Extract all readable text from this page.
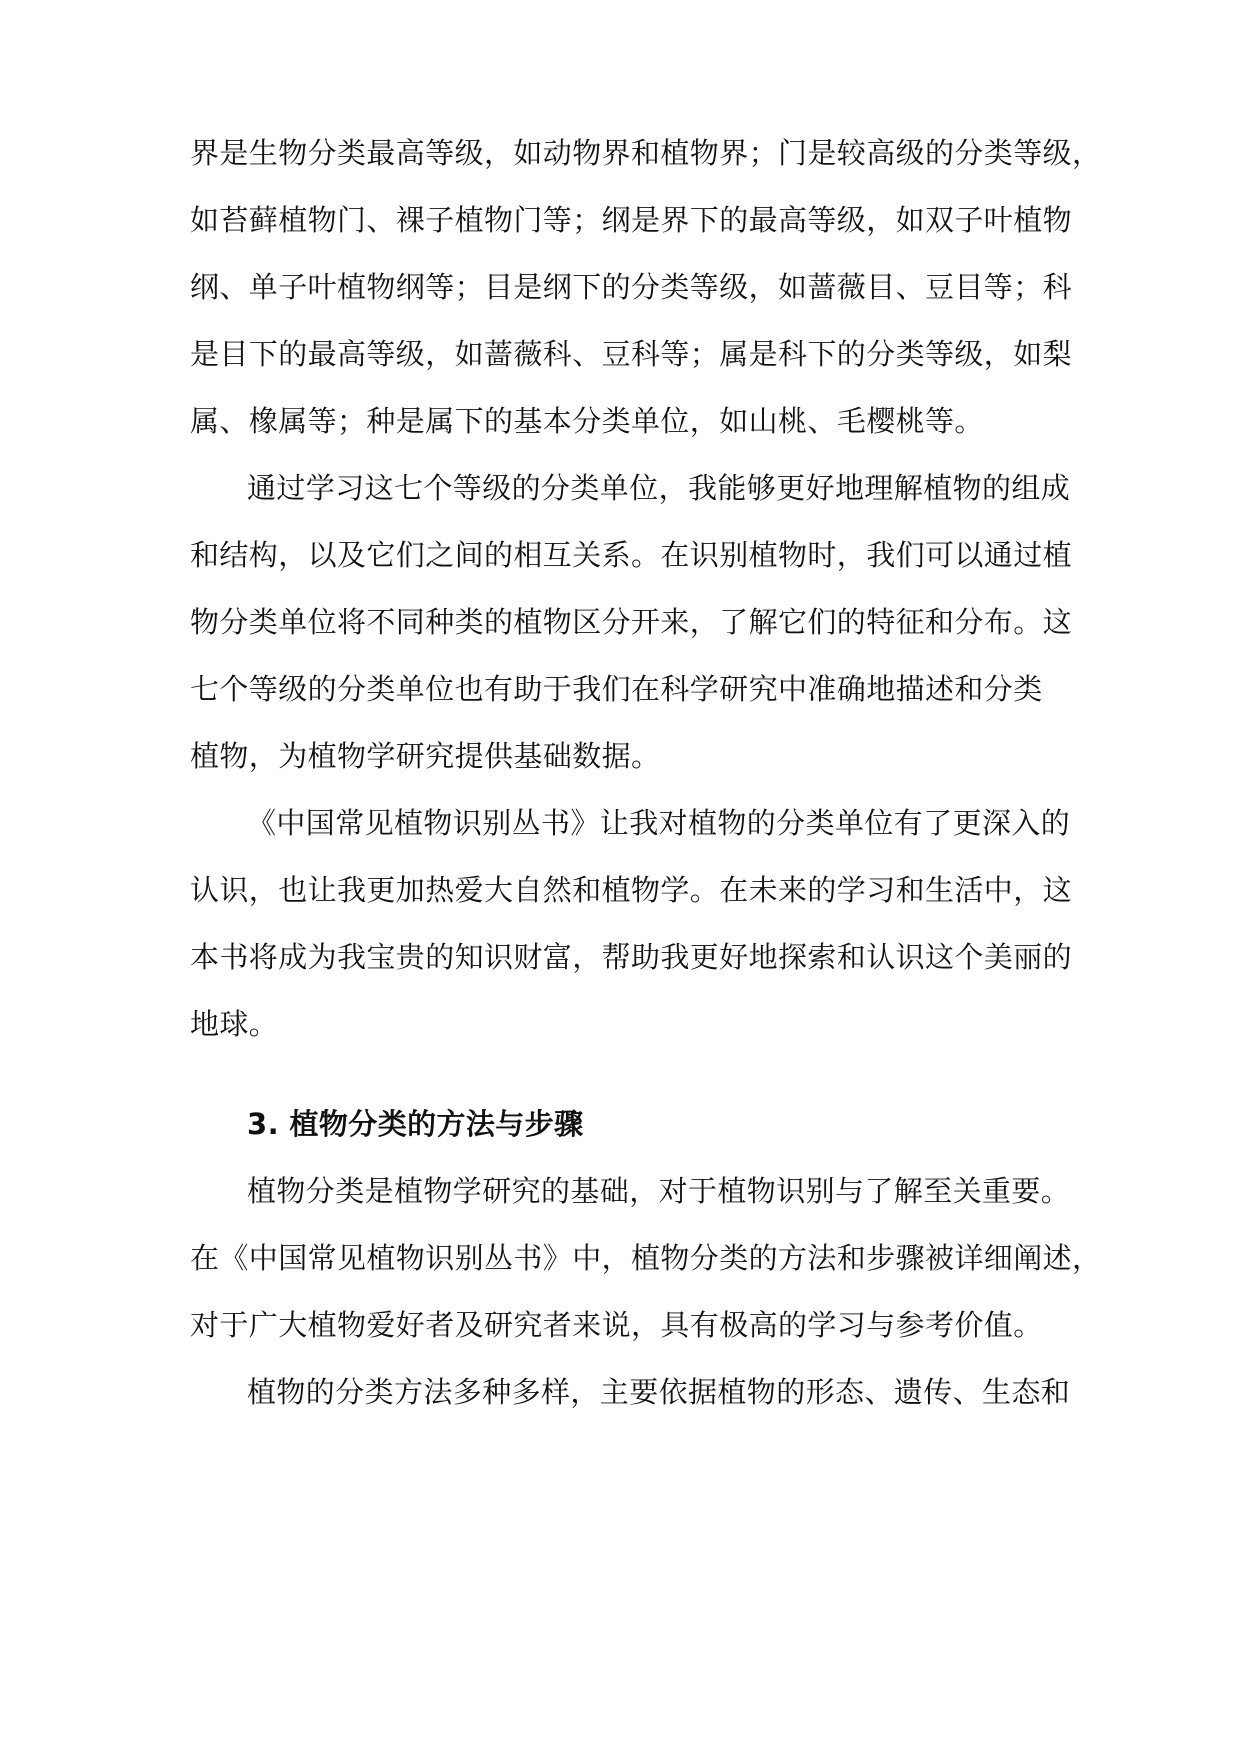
界是生物分类最高等级，如动物界和植物界；门是较高级的分类等级，
如苔藓植物门、裸子植物门等；纲是界下的最高等级，如双子叶植物
纲、单子叶植物纲等；目是纲下的分类等级，如蔷薇目、豆目等；科
是目下的最高等级，如蔷薇科、豆科等；属是科下的分类等级，如梨
属、橡属等；种是属下的基本分类单位，如山桃、毛樱桃等。
通过学习这七个等级的分类单位，我能够更好地理解植物的组成
和结构，以及它们之间的相互关系。在识别植物时，我们可以通过植
物分类单位将不同种类的植物区分开来，了解它们的特征和分布。这
七个等级的分类单位也有助于我们在科学研究中准确地描述和分类
植物，为植物学研究提供基础数据。
《中国常见植物识别丛书》让我对植物的分类单位有了更深入的
认识，也让我更加热爱大自然和植物学。在未来的学习和生活中，这
本书将成为我宝贵的知识财富，帮助我更好地探索和认识这个美丽的
地球。
3. 植物分类的方法与步骤
植物分类是植物学研究的基础，对于植物识别与了解至关重要。
在《中国常见植物识别丛书》中，植物分类的方法和步骤被详细阐述，
对于广大植物爱好者及研究者来说，具有极高的学习与参考价值。
植物的分类方法多种多样，主要依据植物的形态、遗传、生态和
